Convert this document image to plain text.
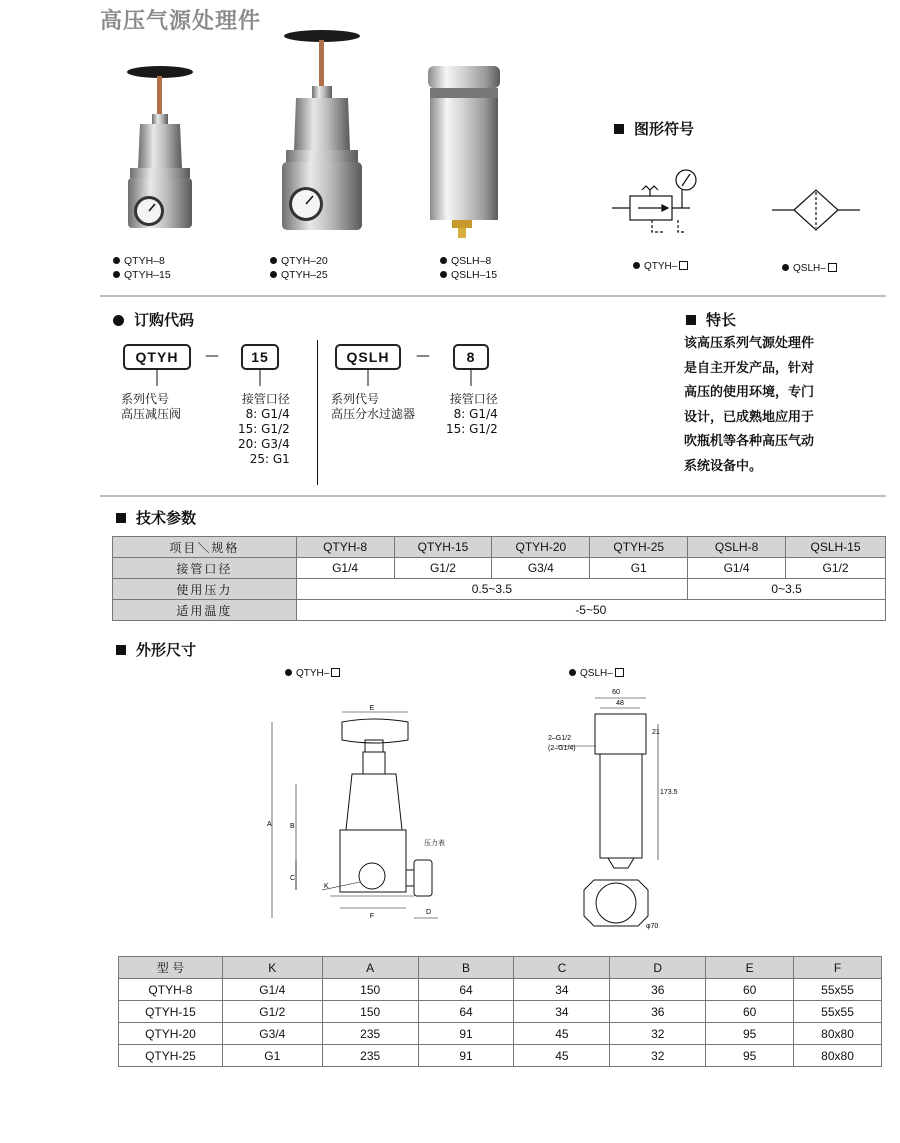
高压气源处理件
QTYH–8
QTYH–15
QTYH–20
QTYH–25
QSLH–8
QSLH–15
图形符号
QTYH–	QSLH–
订购代码
QTYH	—	15	QSLH	—	8
系列代号
高压减压阀
接管口径
8: G1/4
15: G1/2
20: G3/4
25: G1
系列代号
高压分水过滤器
接管口径
8: G1/4
15: G1/2
特长
该高压系列气源处理件
是自主开发产品，针对
高压的使用环境，专门
设计，已成熟地应用于
吹瓶机等各种高压气动
系统设备中。
技术参数
项目＼规格	QTYH-8	QTYH-15	QTYH-20	QTYH-25	QSLH-8	QSLH-15
接管口径	G1/4	G1/2	G3/4	G1	G1/4	G1/2
使用压力	0.5~3.5				0~3.5	
适用温度	-5~50					
外形尺寸
QTYH–	QSLH–
E
A	B
C
K
F
D
压力表
60
48
2–G1/2
(2–G1/4)
21
173.5
φ70
型 号	K	A	B	C	D	E	F
QTYH-8	G1/4	150	64	34	36	60	55x55
QTYH-15	G1/2	150	64	34	36	60	55x55
QTYH-20	G3/4	235	91	45	32	95	80x80
QTYH-25	G1	235	91	45	32	95	80x80
